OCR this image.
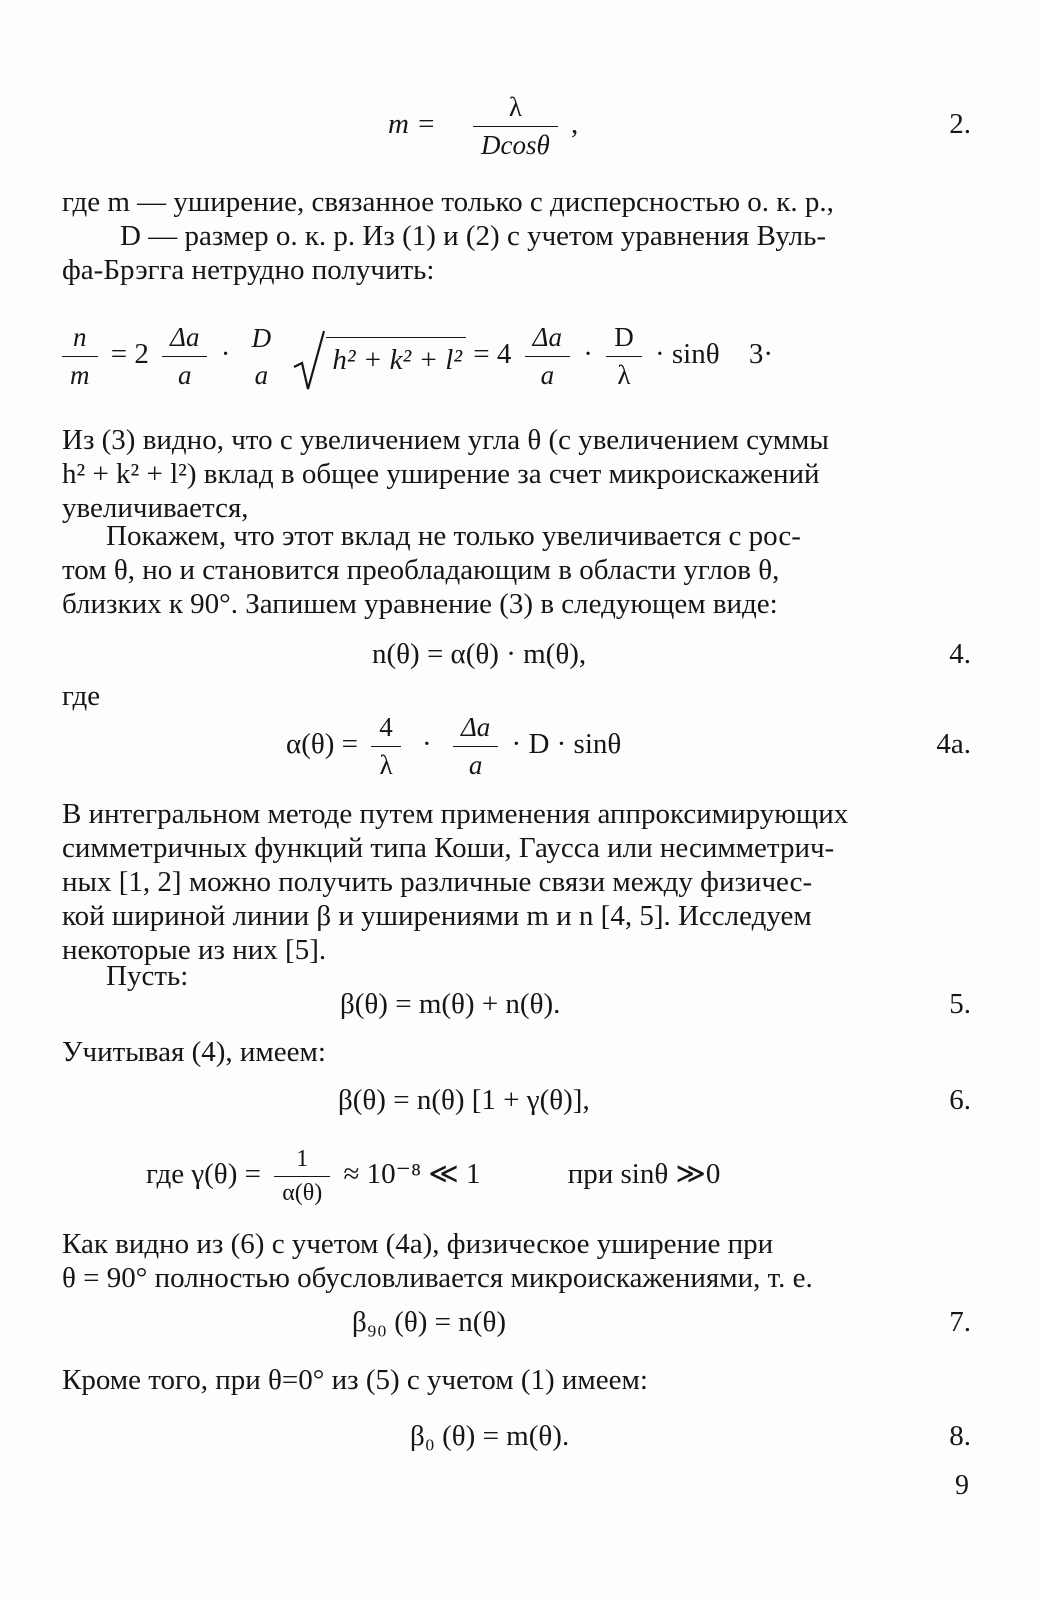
$m = \frac{\lambda}{Dcos\theta}$ ,	2.
где m — уширение, связанное только с дисперсностью о. к. р.,
D — размер о. к. р. Из (1) и (2) с учетом уравнения Вуль-
фа-Брэгга нетрудно получить:
$\frac{n}{m} = 2 \frac{\Delta a}{a}$ ·
D
a
	$h^2 + k^2 + l^2 = 4 \frac{\Delta a}{a} \cdot \frac{D}{\lambda} \cdot \sin\theta$ 3·
Из (3) видно, что с увеличением угла θ (с увеличением суммы
h² + k² + l²) вклад в общее уширение за счет микроискажений
увеличивается,
Покажем, что этот вклад не только увеличивается с рос-
том θ, но и становится преобладающим в области углов θ,
близких к 90°. Запишем уравнение (3) в следующем виде:
n(θ) = α(θ) · m(θ),	4.
где
$\alpha(\theta) = \frac{4}{\lambda} \cdot \frac{\Delta a}{a} \cdot D \cdot \sin\theta$	4a.
В интегральном методе путем применения аппроксимирующих
симметричных функций типа Коши, Гаусса или несимметрич-
ных [1, 2] можно получить различные связи между физичес-
кой шириной линии β и уширениями m и n [4, 5]. Исследуем
некоторые из них [5].
Пусть:
β(θ) = m(θ) + n(θ).	5.
Учитывая (4), имеем:
β(θ) = n(θ) [1 + γ(θ)],	6.
где $\gamma(\theta) = \frac{1}{\alpha(\theta)} \approx 10^{-8}$ ≪ 1	при sinθ ≫0
Как видно из (6) с учетом (4а), физическое уширение при
θ = 90° полностью обусловливается микроискажениями, т. е.
β₉₀ (θ) = n(θ)	7.
Кроме того, при θ=0° из (5) с учетом (1) имеем:
β₀ (θ) = m(θ).	8.
9
